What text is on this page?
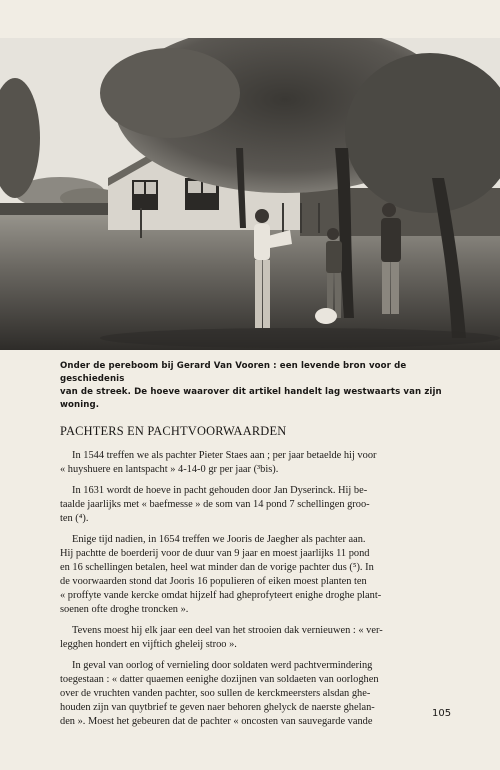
Onder de pereboom bij Gerard Van Vooren : een levende bron voor de geschiedenis
van de streek. De hoeve waarover dit artikel handelt lag westwaarts van zijn woning.
PACHTERS EN PACHTVOORWAARDEN

In 1544 treffen we als pachter Pieter Staes aan ; per jaar betaelde hij voor
« huyshuere en lantspacht » 4-14-0 gr per jaar (³bis).

In 1631 wordt de hoeve in pacht gehouden door Jan Dyserinck. Hij be-
taalde jaarlijks met « baefmesse » de som van 14 pond 7 schellingen groo-
ten (⁴).

Enige tijd nadien, in 1654 treffen we Jooris de Jaegher als pachter aan.
Hij pachtte de boerderij voor de duur van 9 jaar en moest jaarlijks 11 pond
en 16 schellingen betalen, heel wat minder dan de vorige pachter dus (⁵). In
de voorwaarden stond dat Jooris 16 populieren of eiken moest planten ten
« proffyte vande kercke omdat hijzelf had gheprofyteert enighe droghe plant-
soenen ofte droghe troncken ».

Tevens moest hij elk jaar een deel van het strooien dak vernieuwen : « ver-
legghen hondert en vijftich gheleij stroo ».

In geval van oorlog of vernieling door soldaten werd pachtvermindering
toegestaan : « datter quaemen eenighe dozijnen van soldaeten van oorloghen
over de vruchten vanden pachter, soo sullen de kerckmeersters alsdan ghe-
houden zijn van quytbrief te geven naer behoren ghelyck de naerste ghelan-
den ». Moest het gebeuren dat de pachter « oncosten van sauvegarde vande

105
